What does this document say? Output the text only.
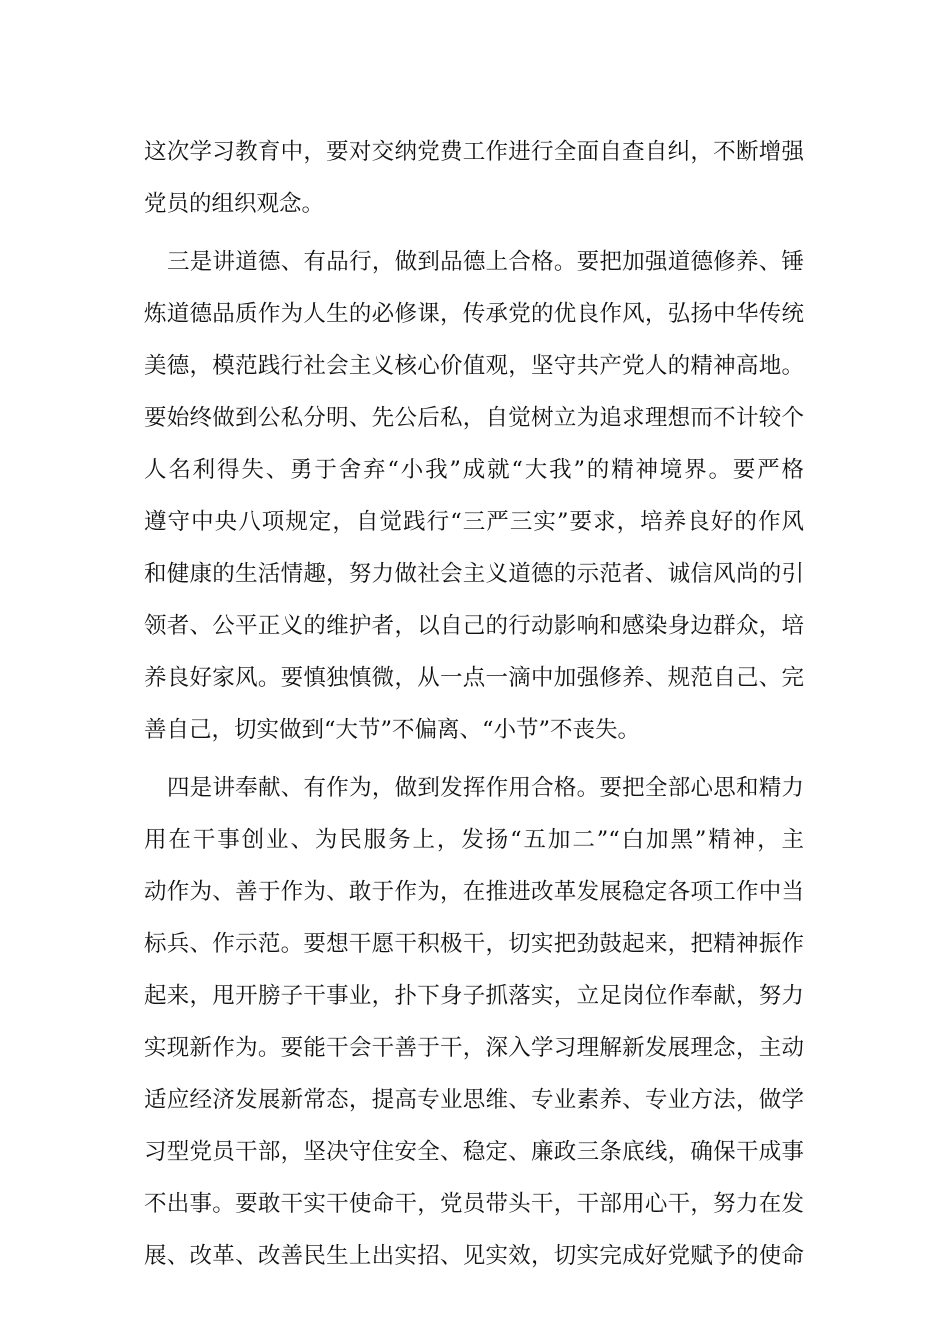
这次学习教育中，要对交纳党费工作进行全面自查自纠，不断增强
党员的组织观念。
三是讲道德、有品行，做到品德上合格。要把加强道德修养、锤
炼道德品质作为人生的必修课，传承党的优良作风，弘扬中华传统
美德，模范践行社会主义核心价值观，坚守共产党人的精神高地。
要始终做到公私分明、先公后私，自觉树立为追求理想而不计较个
人名利得失、勇于舍弃“小我”成就“大我”的精神境界。要严格
遵守中央八项规定，自觉践行“三严三实”要求，培养良好的作风
和健康的生活情趣，努力做社会主义道德的示范者、诚信风尚的引
领者、公平正义的维护者，以自己的行动影响和感染身边群众，培
养良好家风。要慎独慎微，从一点一滴中加强修养、规范自己、完
善自己，切实做到“大节”不偏离、“小节”不丧失。
四是讲奉献、有作为，做到发挥作用合格。要把全部心思和精力
用在干事创业、为民服务上，发扬“五加二”“白加黑”精神，主
动作为、善于作为、敢于作为，在推进改革发展稳定各项工作中当
标兵、作示范。要想干愿干积极干，切实把劲鼓起来，把精神振作
起来，甩开膀子干事业，扑下身子抓落实，立足岗位作奉献，努力
实现新作为。要能干会干善于干，深入学习理解新发展理念，主动
适应经济发展新常态，提高专业思维、专业素养、专业方法，做学
习型党员干部，坚决守住安全、稳定、廉政三条底线，确保干成事
不出事。要敢干实干使命干，党员带头干，干部用心干，努力在发
展、改革、改善民生上出实招、见实效，切实完成好党赋予的使命
